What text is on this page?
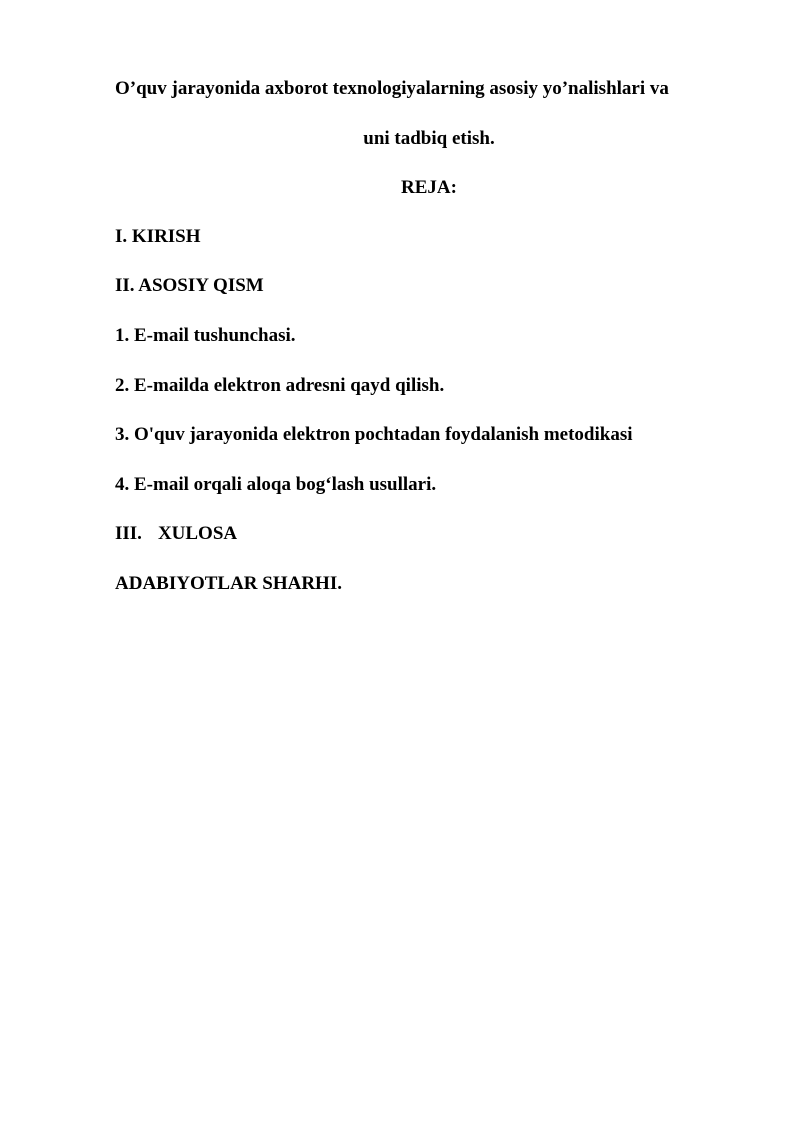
O’quv jarayonida axborot texnologiyalarning asosiy yo’nalishlari va
uni tadbiq etish.
REJA:
I. KIRISH
II. ASOSIY QISM
1. E-mail tushunchasi.
2. E-mailda elektron adresni qayd qilish.
3. O'quv jarayonida elektron pochtadan foydalanish metodikasi
4. E-mail orqali aloqa bog‘lash usullari.
III. XULOSA
ADABIYOTLAR SHARHI.
